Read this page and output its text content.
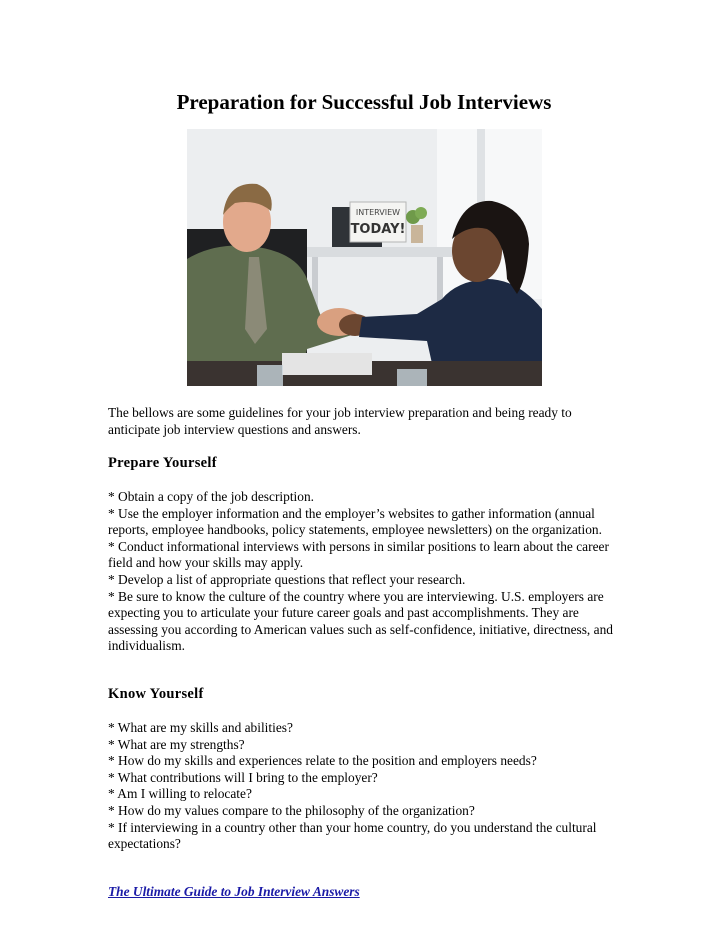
Preparation for Successful Job Interviews
INTERVIEW
TODAY!

The bellows are some guidelines for your job interview preparation and being ready to anticipate job interview questions and answers.

Prepare Yourself
* Obtain a copy of the job description.
* Use the employer information and the employer’s websites to gather information (annual reports, employee handbooks, policy statements, employee newsletters) on the organization.
* Conduct informational interviews with persons in similar positions to learn about the career field and how your skills may apply.
* Develop a list of appropriate questions that reflect your research.
* Be sure to know the culture of the country where you are interviewing. U.S. employers are expecting you to articulate your future career goals and past accomplishments. They are assessing you according to American values such as self-confidence, initiative, directness, and individualism.
Know Yourself
* What are my skills and abilities?
* What are my strengths?
* How do my skills and experiences relate to the position and employers needs?
* What contributions will I bring to the employer?
* Am I willing to relocate?
* How do my values compare to the philosophy of the organization?
* If interviewing in a country other than your home country, do you understand the cultural expectations?
The Ultimate Guide to Job Interview Answers
